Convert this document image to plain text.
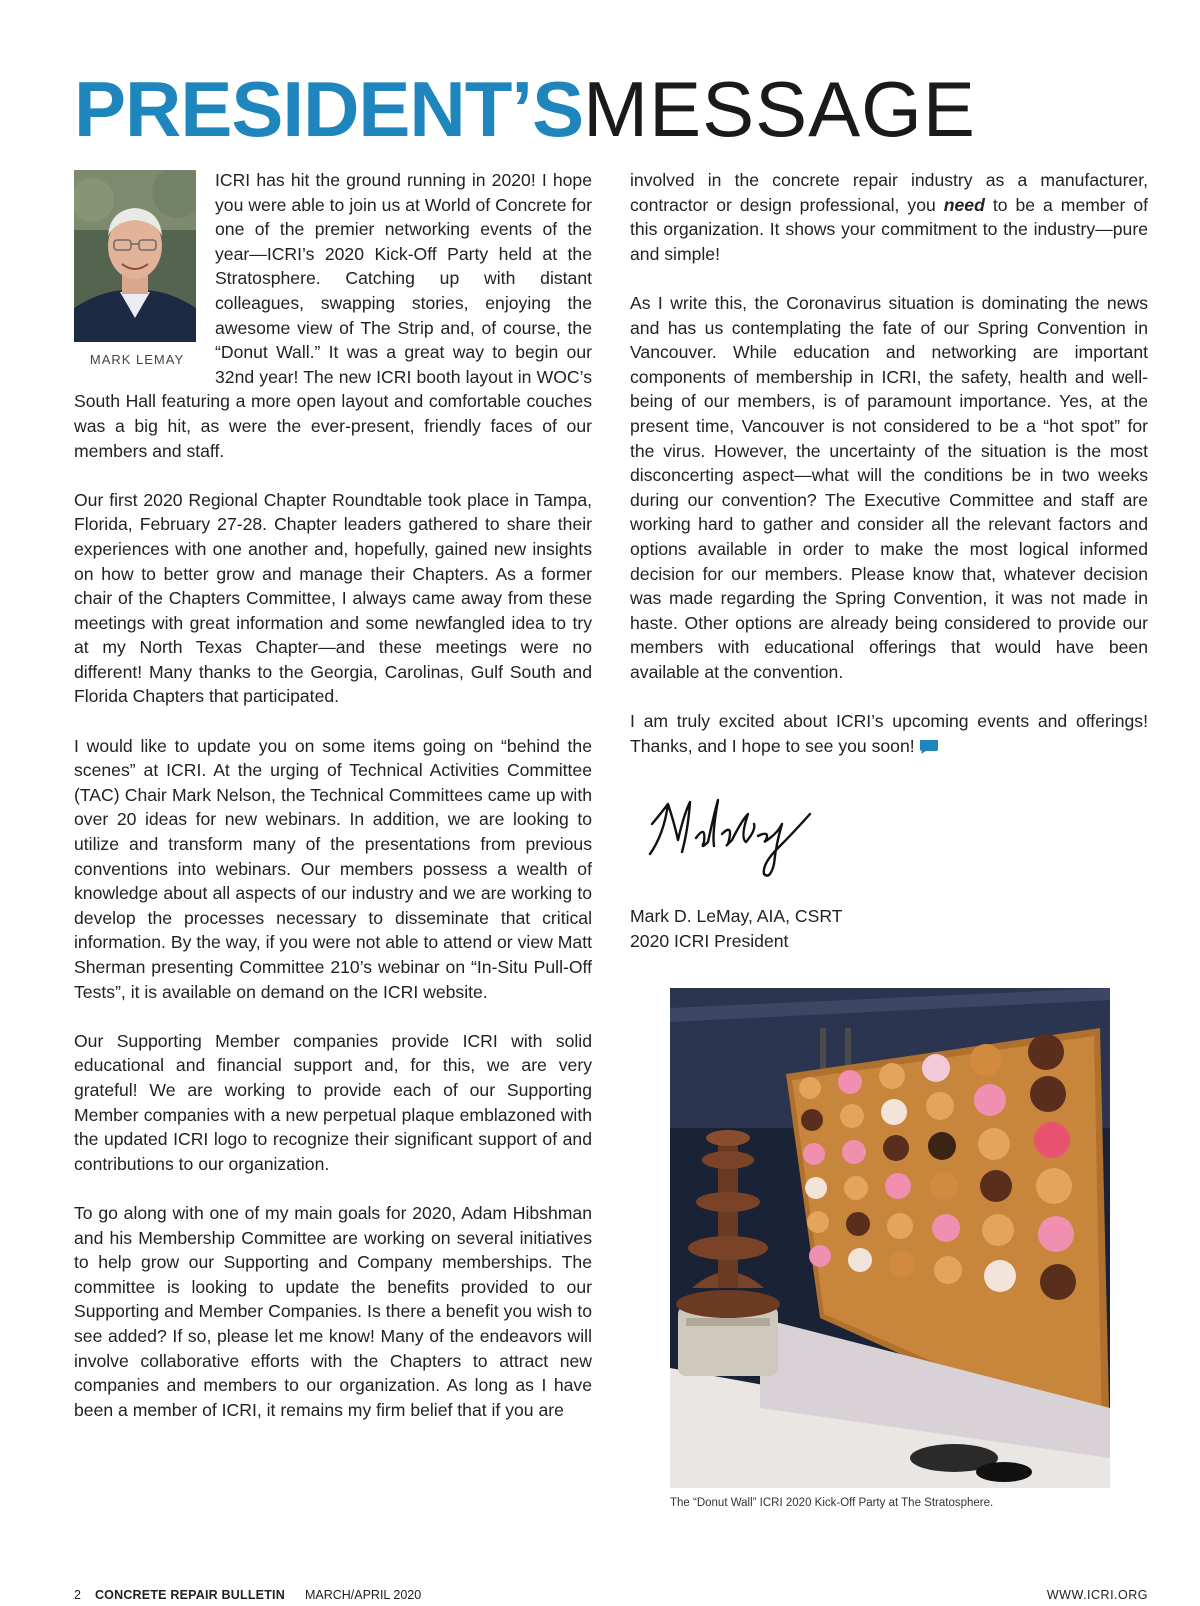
PRESIDENT’SMESSAGE
MARK LEMAY

ICRI has hit the ground running in 2020! I hope you were able to join us at World of Concrete for one of the premier networking events of the year—ICRI’s 2020 Kick-Off Party held at the Stratosphere. Catching up with distant colleagues, swapping stories, enjoying the awesome view of The Strip and, of course, the “Donut Wall.” It was a great way to begin our 32nd year! The new ICRI booth layout in WOC’s South Hall featuring a more open layout and comfortable couches was a big hit, as were the ever-present, friendly faces of our members and staff.

Our first 2020 Regional Chapter Roundtable took place in Tampa, Florida, February 27-28. Chapter leaders gathered to share their experiences with one another and, hopefully, gained new insights on how to better grow and manage their Chapters. As a former chair of the Chapters Committee, I always came away from these meetings with great information and some newfangled idea to try at my North Texas Chapter—and these meetings were no different! Many thanks to the Georgia, Carolinas, Gulf South and Florida Chapters that participated.

I would like to update you on some items going on “behind the scenes” at ICRI. At the urging of Technical Activities Committee (TAC) Chair Mark Nelson, the Technical Committees came up with over 20 ideas for new webinars. In addition, we are looking to utilize and transform many of the presentations from previous conventions into webinars. Our members possess a wealth of knowledge about all aspects of our industry and we are working to develop the processes necessary to disseminate that critical information. By the way, if you were not able to attend or view Matt Sherman presenting Committee 210’s webinar on “In-Situ Pull-Off Tests”, it is available on demand on the ICRI website.

Our Supporting Member companies provide ICRI with solid educational and financial support and, for this, we are very grateful! We are working to provide each of our Supporting Member companies with a new perpetual plaque emblazoned with the updated ICRI logo to recognize their significant support of and contributions to our organization.

To go along with one of my main goals for 2020, Adam Hibshman and his Membership Committee are working on several initiatives to help grow our Supporting and Company memberships. The committee is looking to update the benefits provided to our Supporting and Member Companies. Is there a benefit you wish to see added? If so, please let me know! Many of the endeavors will involve collaborative efforts with the Chapters to attract new companies and members to our organization. As long as I have been a member of ICRI, it remains my firm belief that if you are

involved in the concrete repair industry as a manufacturer, contractor or design professional, you need to be a member of this organization. It shows your commitment to the industry—pure and simple!

As I write this, the Coronavirus situation is dominating the news and has us contemplating the fate of our Spring Convention in Vancouver. While education and networking are important components of membership in ICRI, the safety, health and well-being of our members, is of paramount importance. Yes, at the present time, Vancouver is not considered to be a “hot spot” for the virus. However, the uncertainty of the situation is the most disconcerting aspect—what will the conditions be in two weeks during our convention? The Executive Committee and staff are working hard to gather and consider all the relevant factors and options available in order to make the most logical informed decision for our members. Please know that, whatever decision was made regarding the Spring Convention, it was not made in haste. Other options are already being considered to provide our members with educational offerings that would have been available at the convention.

I am truly excited about ICRI’s upcoming events and offerings! Thanks, and I hope to see you soon!

Mark D. LeMay, AIA, CSRT
2020 ICRI President
The “Donut Wall” ICRI 2020 Kick-Off Party at The Stratosphere.
2 CONCRETE REPAIR BULLETIN MARCH/APRIL 2020	WWW.ICRI.ORG
